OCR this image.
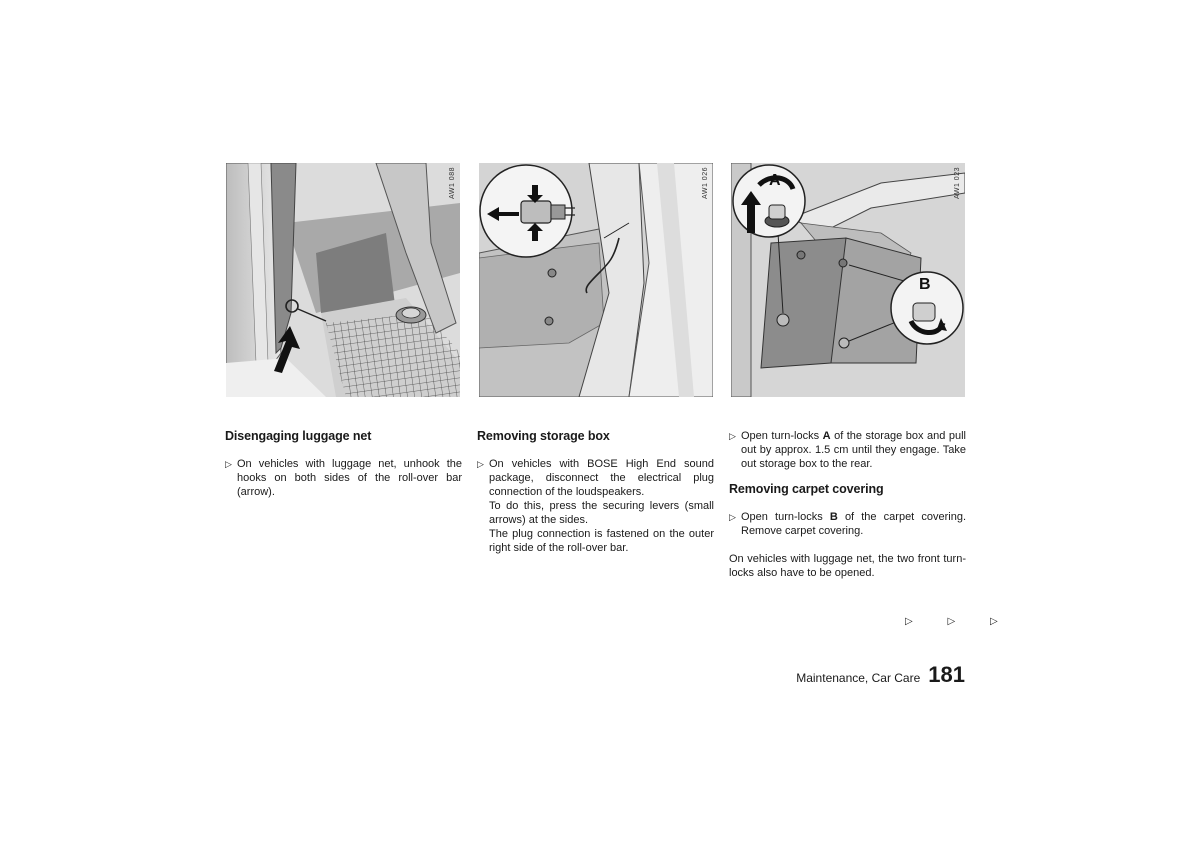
AW1 088	AW1 026	A
B
AW1 023
Disengaging luggage net
▷ On vehicles with luggage net, unhook the hooks on both sides of the roll-over bar (arrow).

Removing storage box
▷ On vehicles with BOSE High End sound package, disconnect the electrical plug connection of the loudspeakers.

To do this, press the securing levers (small arrows) at the sides.

The plug connection is fastened on the outer right side of the roll-over bar.

▷ Open turn-locks A of the storage box and pull out by approx. 1.5 cm until they engage. Take out storage box to the rear.

Removing carpet covering
▷ Open turn-locks B of the carpet covering. Remove carpet covering.

On vehicles with luggage net, the two front turn-locks also have to be opened.

▷ ▷ ▷
Maintenance, Car Care 181
